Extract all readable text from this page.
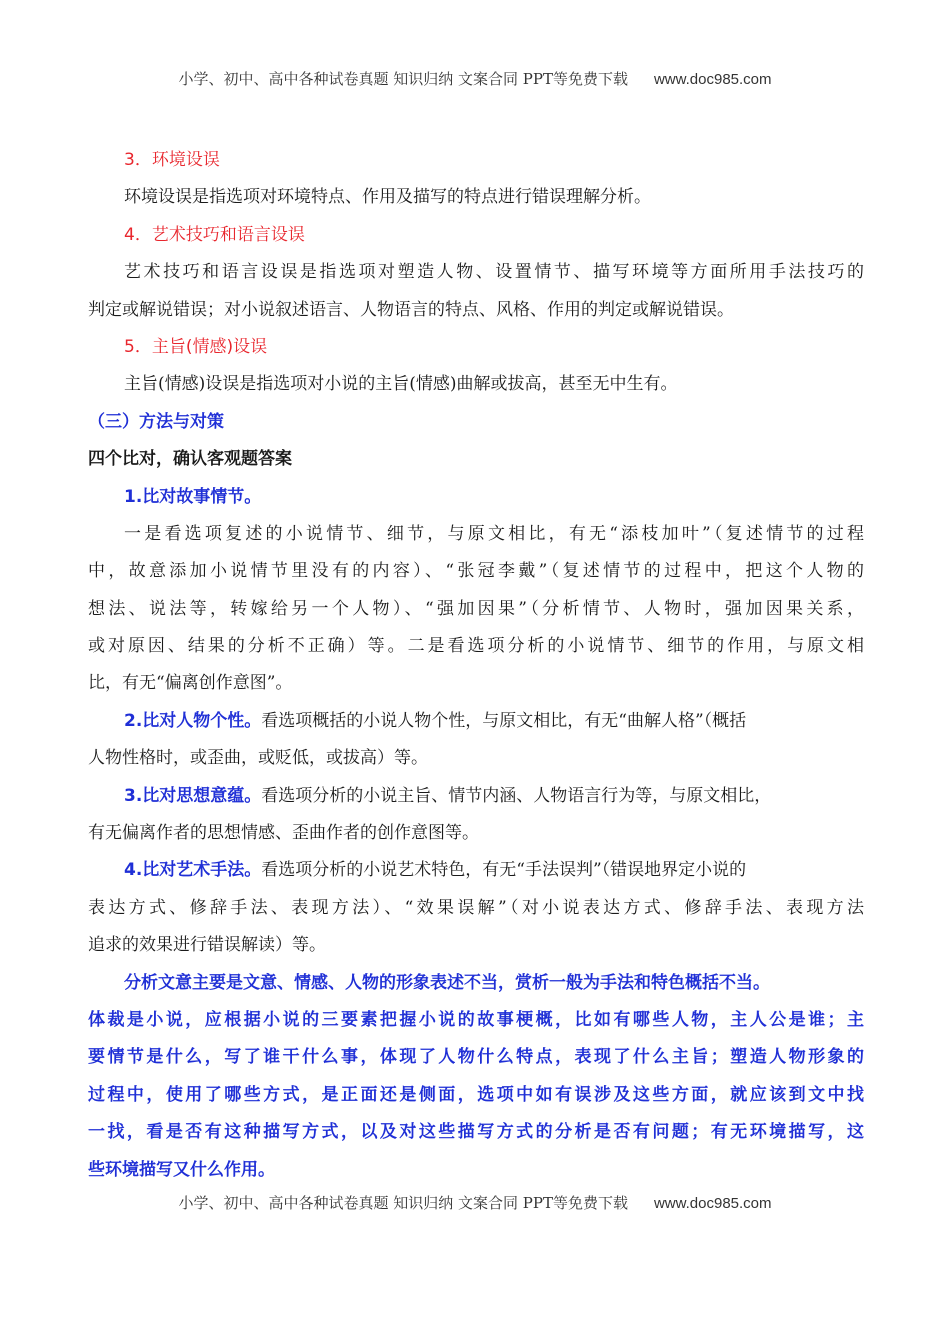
小学、初中、高中各种试卷真题 知识归纳 文案合同 PPT等免费下载 www.doc985.com
3．环境设误
环境设误是指选项对环境特点、作用及描写的特点进行错误理解分析。
4．艺术技巧和语言设误
艺术技巧和语言设误是指选项对塑造人物、设置情节、描写环境等方面所用手法技巧的
判定或解说错误；对小说叙述语言、人物语言的特点、风格、作用的判定或解说错误。
5．主旨(情感)设误
主旨(情感)设误是指选项对小说的主旨(情感)曲解或拔高，甚至无中生有。
（三）方法与对策
四个比对，确认客观题答案
1.比对故事情节。
一是看选项复述的小说情节、细节，与原文相比，有无“添枝加叶”（复述情节的过程
中，故意添加小说情节里没有的内容）、“张冠李戴”（复述情节的过程中，把这个人物的
想法、说法等，转嫁给另一个人物）、“强加因果”（分析情节、人物时，强加因果关系，
或对原因、结果的分析不正确）等。二是看选项分析的小说情节、细节的作用，与原文相
比，有无“偏离创作意图”。
2.比对人物个性。看选项概括的小说人物个性，与原文相比，有无“曲解人格”（概括
人物性格时，或歪曲，或贬低，或拔高）等。
3.比对思想意蕴。看选项分析的小说主旨、情节内涵、人物语言行为等，与原文相比，
有无偏离作者的思想情感、歪曲作者的创作意图等。
4.比对艺术手法。看选项分析的小说艺术特色，有无“手法误判”（错误地界定小说的
表达方式、修辞手法、表现方法）、“效果误解”（对小说表达方式、修辞手法、表现方法
追求的效果进行错误解读）等。
分析文意主要是文意、情感、人物的形象表述不当，赏析一般为手法和特色概括不当。
体裁是小说，应根据小说的三要素把握小说的故事梗概，比如有哪些人物，主人公是谁；主
要情节是什么，写了谁干什么事，体现了人物什么特点，表现了什么主旨；塑造人物形象的
过程中，使用了哪些方式，是正面还是侧面，选项中如有误涉及这些方面，就应该到文中找
一找，看是否有这种描写方式，以及对这些描写方式的分析是否有问题；有无环境描写，这
些环境描写又什么作用。
小学、初中、高中各种试卷真题 知识归纳 文案合同 PPT等免费下载 www.doc985.com
